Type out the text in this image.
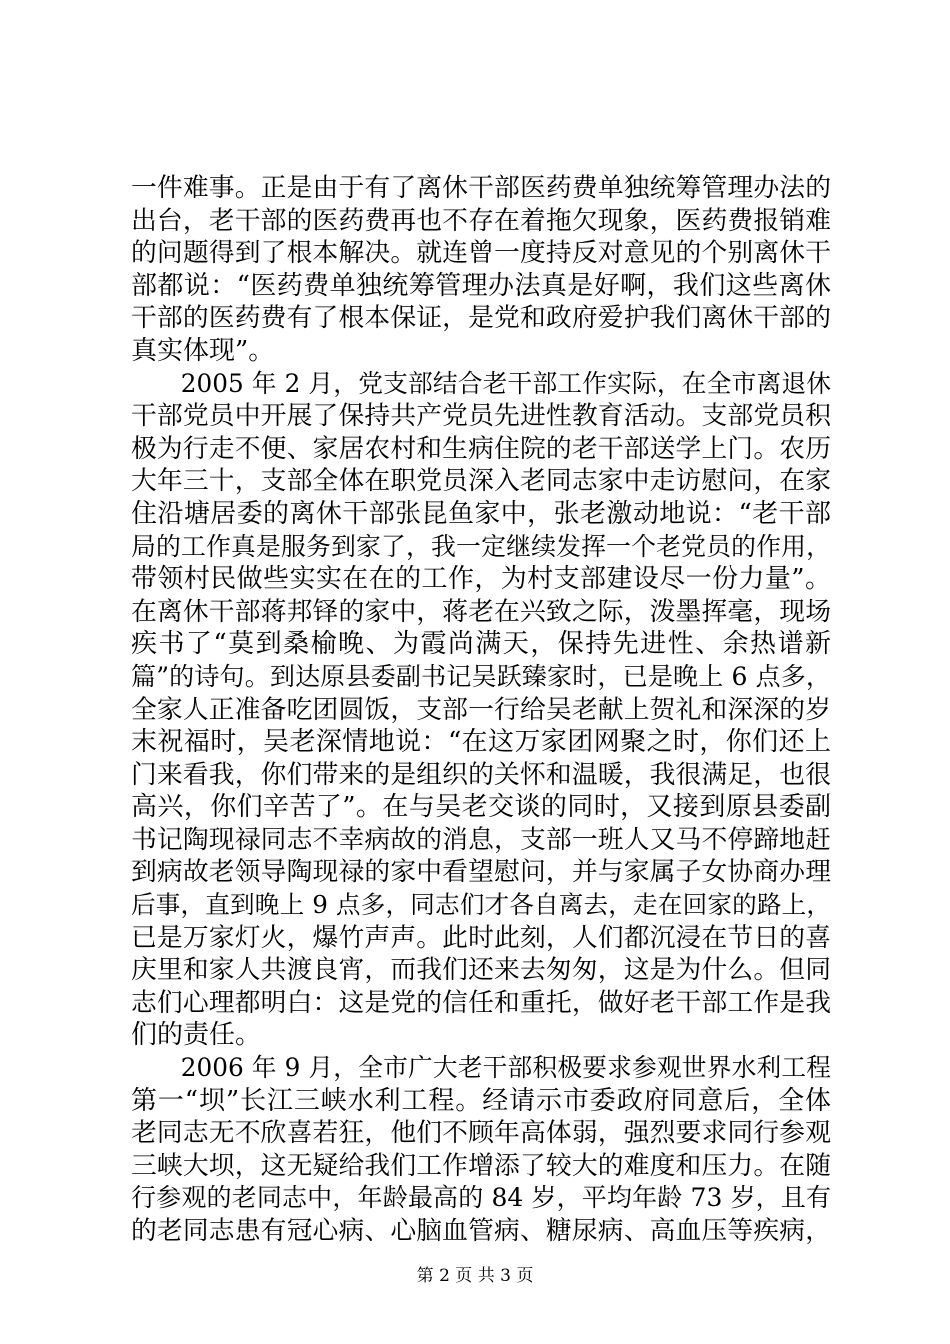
一件难事。正是由于有了离休干部医药费单独统筹管理办法的
出台，老干部的医药费再也不存在着拖欠现象，医药费报销难
的问题得到了根本解决。就连曾一度持反对意见的个别离休干
部都说：“医药费单独统筹管理办法真是好啊，我们这些离休
干部的医药费有了根本保证，是党和政府爱护我们离休干部的
真实体现”。
　　2005 年 2 月，党支部结合老干部工作实际，在全市离退休
干部党员中开展了保持共产党员先进性教育活动。支部党员积
极为行走不便、家居农村和生病住院的老干部送学上门。农历
大年三十，支部全体在职党员深入老同志家中走访慰问，在家
住沿塘居委的离休干部张昆鱼家中，张老激动地说：“老干部
局的工作真是服务到家了，我一定继续发挥一个老党员的作用，
带领村民做些实实在在的工作，为村支部建设尽一份力量”。
在离休干部蒋邦铎的家中，蒋老在兴致之际，泼墨挥毫，现场
疾书了“莫到桑榆晚、为霞尚满天，保持先进性、余热谱新
篇”的诗句。到达原县委副书记吴跃臻家时，已是晚上 6 点多，
全家人正准备吃团圆饭，支部一行给吴老献上贺礼和深深的岁
末祝福时，吴老深情地说：“在这万家团网聚之时，你们还上
门来看我，你们带来的是组织的关怀和温暖，我很满足，也很
高兴，你们辛苦了”。在与吴老交谈的同时，又接到原县委副
书记陶现禄同志不幸病故的消息，支部一班人又马不停蹄地赶
到病故老领导陶现禄的家中看望慰问，并与家属子女协商办理
后事，直到晚上 9 点多，同志们才各自离去，走在回家的路上，
已是万家灯火，爆竹声声。此时此刻，人们都沉浸在节日的喜
庆里和家人共渡良宵，而我们还来去匆匆，这是为什么。但同
志们心理都明白：这是党的信任和重托，做好老干部工作是我
们的责任。
　　2006 年 9 月，全市广大老干部积极要求参观世界水利工程
第一“坝”长江三峡水利工程。经请示市委政府同意后，全体
老同志无不欣喜若狂，他们不顾年高体弱，强烈要求同行参观
三峡大坝，这无疑给我们工作增添了较大的难度和压力。在随
行参观的老同志中，年龄最高的 84 岁，平均年龄 73 岁，且有
的老同志患有冠心病、心脑血管病、糖尿病、高血压等疾病，
第 2 页 共 3 页
